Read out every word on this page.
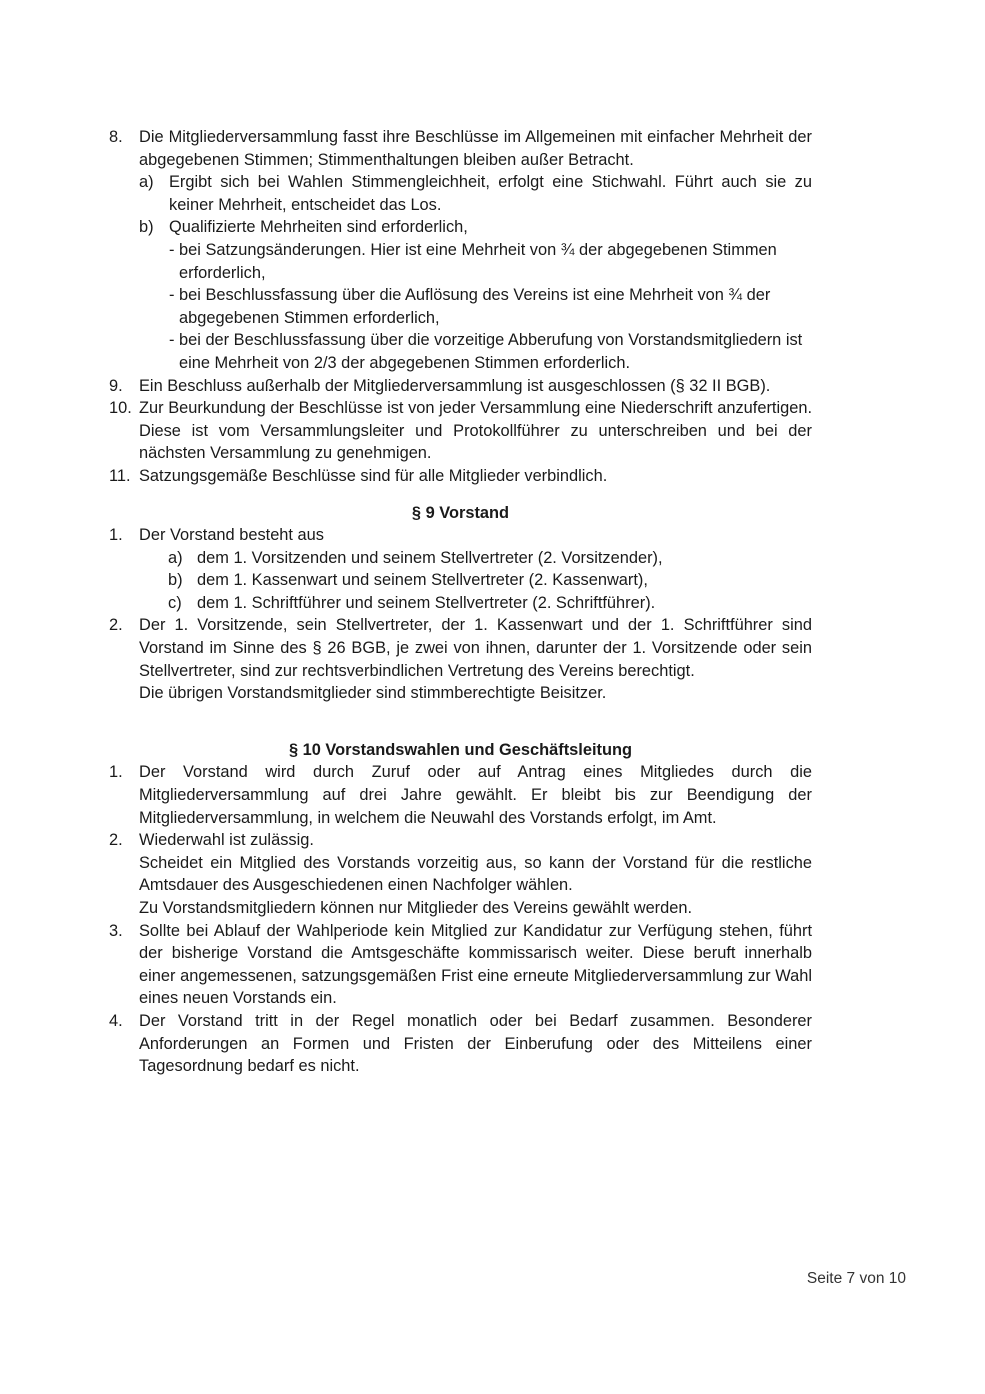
8. Die Mitgliederversammlung fasst ihre Beschlüsse im Allgemeinen mit einfacher Mehrheit der abgegebenen Stimmen; Stimmenthaltungen bleiben außer Betracht.
a) Ergibt sich bei Wahlen Stimmengleichheit, erfolgt eine Stichwahl. Führt auch sie zu keiner Mehrheit, entscheidet das Los.
b) Qualifizierte Mehrheiten sind erforderlich,
- bei Satzungsänderungen. Hier ist eine Mehrheit von ¾ der abgegebenen Stimmen
erforderlich,
- bei Beschlussfassung über die Auflösung des Vereins ist eine Mehrheit von ¾ der
abgegebenen Stimmen erforderlich,
- bei der Beschlussfassung über die vorzeitige Abberufung von Vorstandsmitgliedern ist
eine Mehrheit von 2/3 der abgegebenen Stimmen erforderlich.
9. Ein Beschluss außerhalb der Mitgliederversammlung ist ausgeschlossen (§ 32 II BGB).
10. Zur Beurkundung der Beschlüsse ist von jeder Versammlung eine Niederschrift anzufertigen. Diese ist vom Versammlungsleiter und Protokollführer zu unterschreiben und bei der nächsten Versammlung zu genehmigen.
11. Satzungsgemäße Beschlüsse sind für alle Mitglieder verbindlich.
§ 9 Vorstand
1. Der Vorstand besteht aus
a) dem 1. Vorsitzenden und seinem Stellvertreter (2. Vorsitzender),
b) dem 1. Kassenwart und seinem Stellvertreter (2. Kassenwart),
c) dem 1. Schriftführer und seinem Stellvertreter (2. Schriftführer).
2. Der 1. Vorsitzende, sein Stellvertreter, der 1. Kassenwart und der 1. Schriftführer sind Vorstand im Sinne des § 26 BGB, je zwei von ihnen, darunter der 1. Vorsitzende oder sein Stellvertreter, sind zur rechtsverbindlichen Vertretung des Vereins berechtigt.
Die übrigen Vorstandsmitglieder sind stimmberechtigte Beisitzer.
§ 10 Vorstandswahlen und Geschäftsleitung
1. Der Vorstand wird durch Zuruf oder auf Antrag eines Mitgliedes durch die Mitgliederversammlung auf drei Jahre gewählt. Er bleibt bis zur Beendigung der Mitgliederversammlung, in welchem die Neuwahl des Vorstands erfolgt, im Amt.
2. Wiederwahl ist zulässig.
Scheidet ein Mitglied des Vorstands vorzeitig aus, so kann der Vorstand für die restliche Amtsdauer des Ausgeschiedenen einen Nachfolger wählen.
Zu Vorstandsmitgliedern können nur Mitglieder des Vereins gewählt werden.
3. Sollte bei Ablauf der Wahlperiode kein Mitglied zur Kandidatur zur Verfügung stehen, führt der bisherige Vorstand die Amtsgeschäfte kommissarisch weiter. Diese beruft innerhalb einer angemessenen, satzungsgemäßen Frist eine erneute Mitgliederversammlung zur Wahl eines neuen Vorstands ein.
4. Der Vorstand tritt in der Regel monatlich oder bei Bedarf zusammen. Besonderer Anforderungen an Formen und Fristen der Einberufung oder des Mitteilens einer Tagesordnung bedarf es nicht.
Seite 7 von 10
